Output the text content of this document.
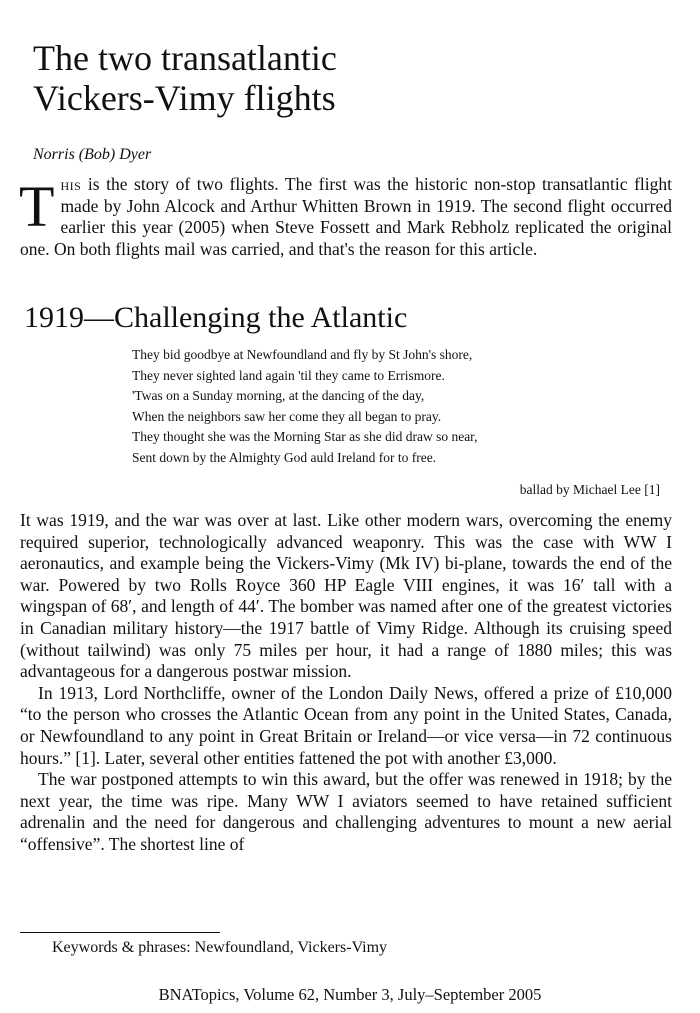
The two transatlantic
Vickers-Vimy flights
Norris (Bob) Dyer

This is the story of two flights. The first was the historic non-stop transatlantic flight made by John Alcock and Arthur Whitten Brown in 1919. The second flight occurred earlier this year (2005) when Steve Fossett and Mark Rebholz replicated the original one. On both flights mail was carried, and that's the reason for this article.

1919—Challenging the Atlantic
They bid goodbye at Newfoundland and fly by St John's shore,
They never sighted land again 'til they came to Errismore.
'Twas on a Sunday morning, at the dancing of the day,
When the neighbors saw her come they all began to pray.
They thought she was the Morning Star as she did draw so near,
Sent down by the Almighty God auld Ireland for to free.
ballad by Michael Lee [1]

It was 1919, and the war was over at last. Like other modern wars, overcoming the enemy required superior, technologically advanced weaponry. This was the case with WW I aeronautics, and example being the Vickers-Vimy (Mk IV) bi-plane, towards the end of the war. Powered by two Rolls Royce 360 HP Eagle VIII engines, it was 16′ tall with a wingspan of 68′, and length of 44′. The bomber was named after one of the greatest victories in Canadian military history—the 1917 battle of Vimy Ridge. Although its cruising speed (without tailwind) was only 75 miles per hour, it had a range of 1880 miles; this was advantageous for a dangerous postwar mission.

In 1913, Lord Northcliffe, owner of the London Daily News, offered a prize of £10,000 “to the person who crosses the Atlantic Ocean from any point in the United States, Canada, or Newfoundland to any point in Great Britain or Ireland—or vice versa—in 72 continuous hours.” [1]. Later, several other entities fattened the pot with another £3,000.

The war postponed attempts to win this award, but the offer was renewed in 1918; by the next year, the time was ripe. Many WW I aviators seemed to have retained sufficient adrenalin and the need for dangerous and challenging adventures to mount a new aerial “offensive”. The shortest line of

Keywords & phrases: Newfoundland, Vickers-Vimy
BNATopics, Volume 62, Number 3, July–September 2005
